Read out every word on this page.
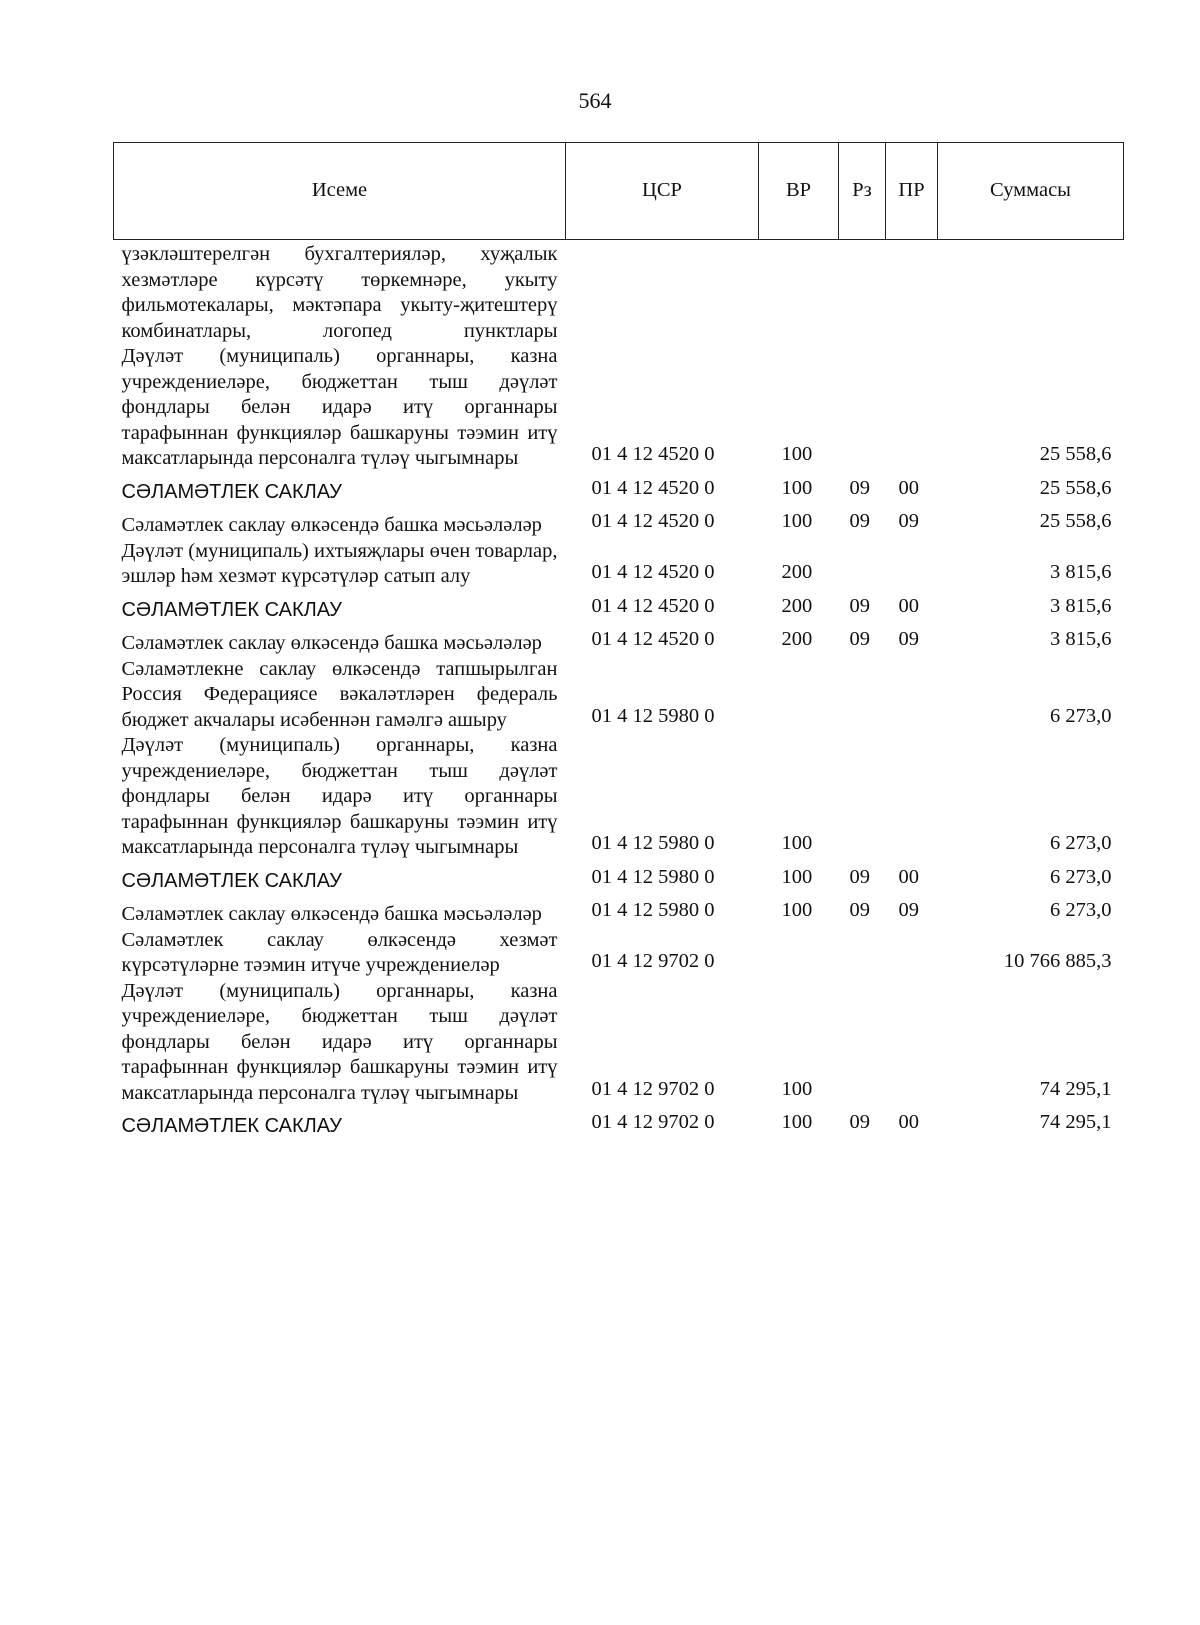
564
Исеме	ЦСР	ВР	Рз	ПР	Суммасы

үзәкләштерелгән бухгалтерияләр, хуҗалык хезмәтләре күрсәтү төркемнәре, укыту фильмотекалары, мәктәпара укыту-җитештерү комбинатлары, логопед пунктлары					

Дәүләт (муниципаль) органнары, казна учреждениеләре, бюджеттан тыш дәүләт фондлары белән идарә итү органнары тарафыннан функцияләр башкаруны тәэмин итү максатларында персоналга түләү чыгымнары	01 4 12 4520 0	100			25 558,6

СӘЛАМӘТЛЕК САКЛАУ	01 4 12 4520 0	100	09	00	25 558,6

Сәламәтлек саклау өлкәсендә башка мәсьәләләр	01 4 12 4520 0	100	09	09	25 558,6

Дәүләт (муниципаль) ихтыяҗлары өчен товарлар, эшләр һәм хезмәт күрсәтүләр сатып алу	01 4 12 4520 0	200			3 815,6

СӘЛАМӘТЛЕК САКЛАУ	01 4 12 4520 0	200	09	00	3 815,6

Сәламәтлек саклау өлкәсендә башка мәсьәләләр	01 4 12 4520 0	200	09	09	3 815,6

Сәламәтлекне саклау өлкәсендә тапшырылган Россия Федерациясе вәкаләтләрен федераль бюджет акчалары исәбеннән гамәлгә ашыру	01 4 12 5980 0				6 273,0

Дәүләт (муниципаль) органнары, казна учреждениеләре, бюджеттан тыш дәүләт фондлары белән идарә итү органнары тарафыннан функцияләр башкаруны тәэмин итү максатларында персоналга түләү чыгымнары	01 4 12 5980 0	100			6 273,0

СӘЛАМӘТЛЕК САКЛАУ	01 4 12 5980 0	100	09	00	6 273,0

Сәламәтлек саклау өлкәсендә башка мәсьәләләр	01 4 12 5980 0	100	09	09	6 273,0

Сәламәтлек саклау өлкәсендә хезмәт күрсәтүләрне тәэмин итүче учреждениеләр	01 4 12 9702 0				10 766 885,3

Дәүләт (муниципаль) органнары, казна учреждениеләре, бюджеттан тыш дәүләт фондлары белән идарә итү органнары тарафыннан функцияләр башкаруны тәэмин итү максатларында персоналга түләү чыгымнары	01 4 12 9702 0	100			74 295,1

СӘЛАМӘТЛЕК САКЛАУ	01 4 12 9702 0	100	09	00	74 295,1
